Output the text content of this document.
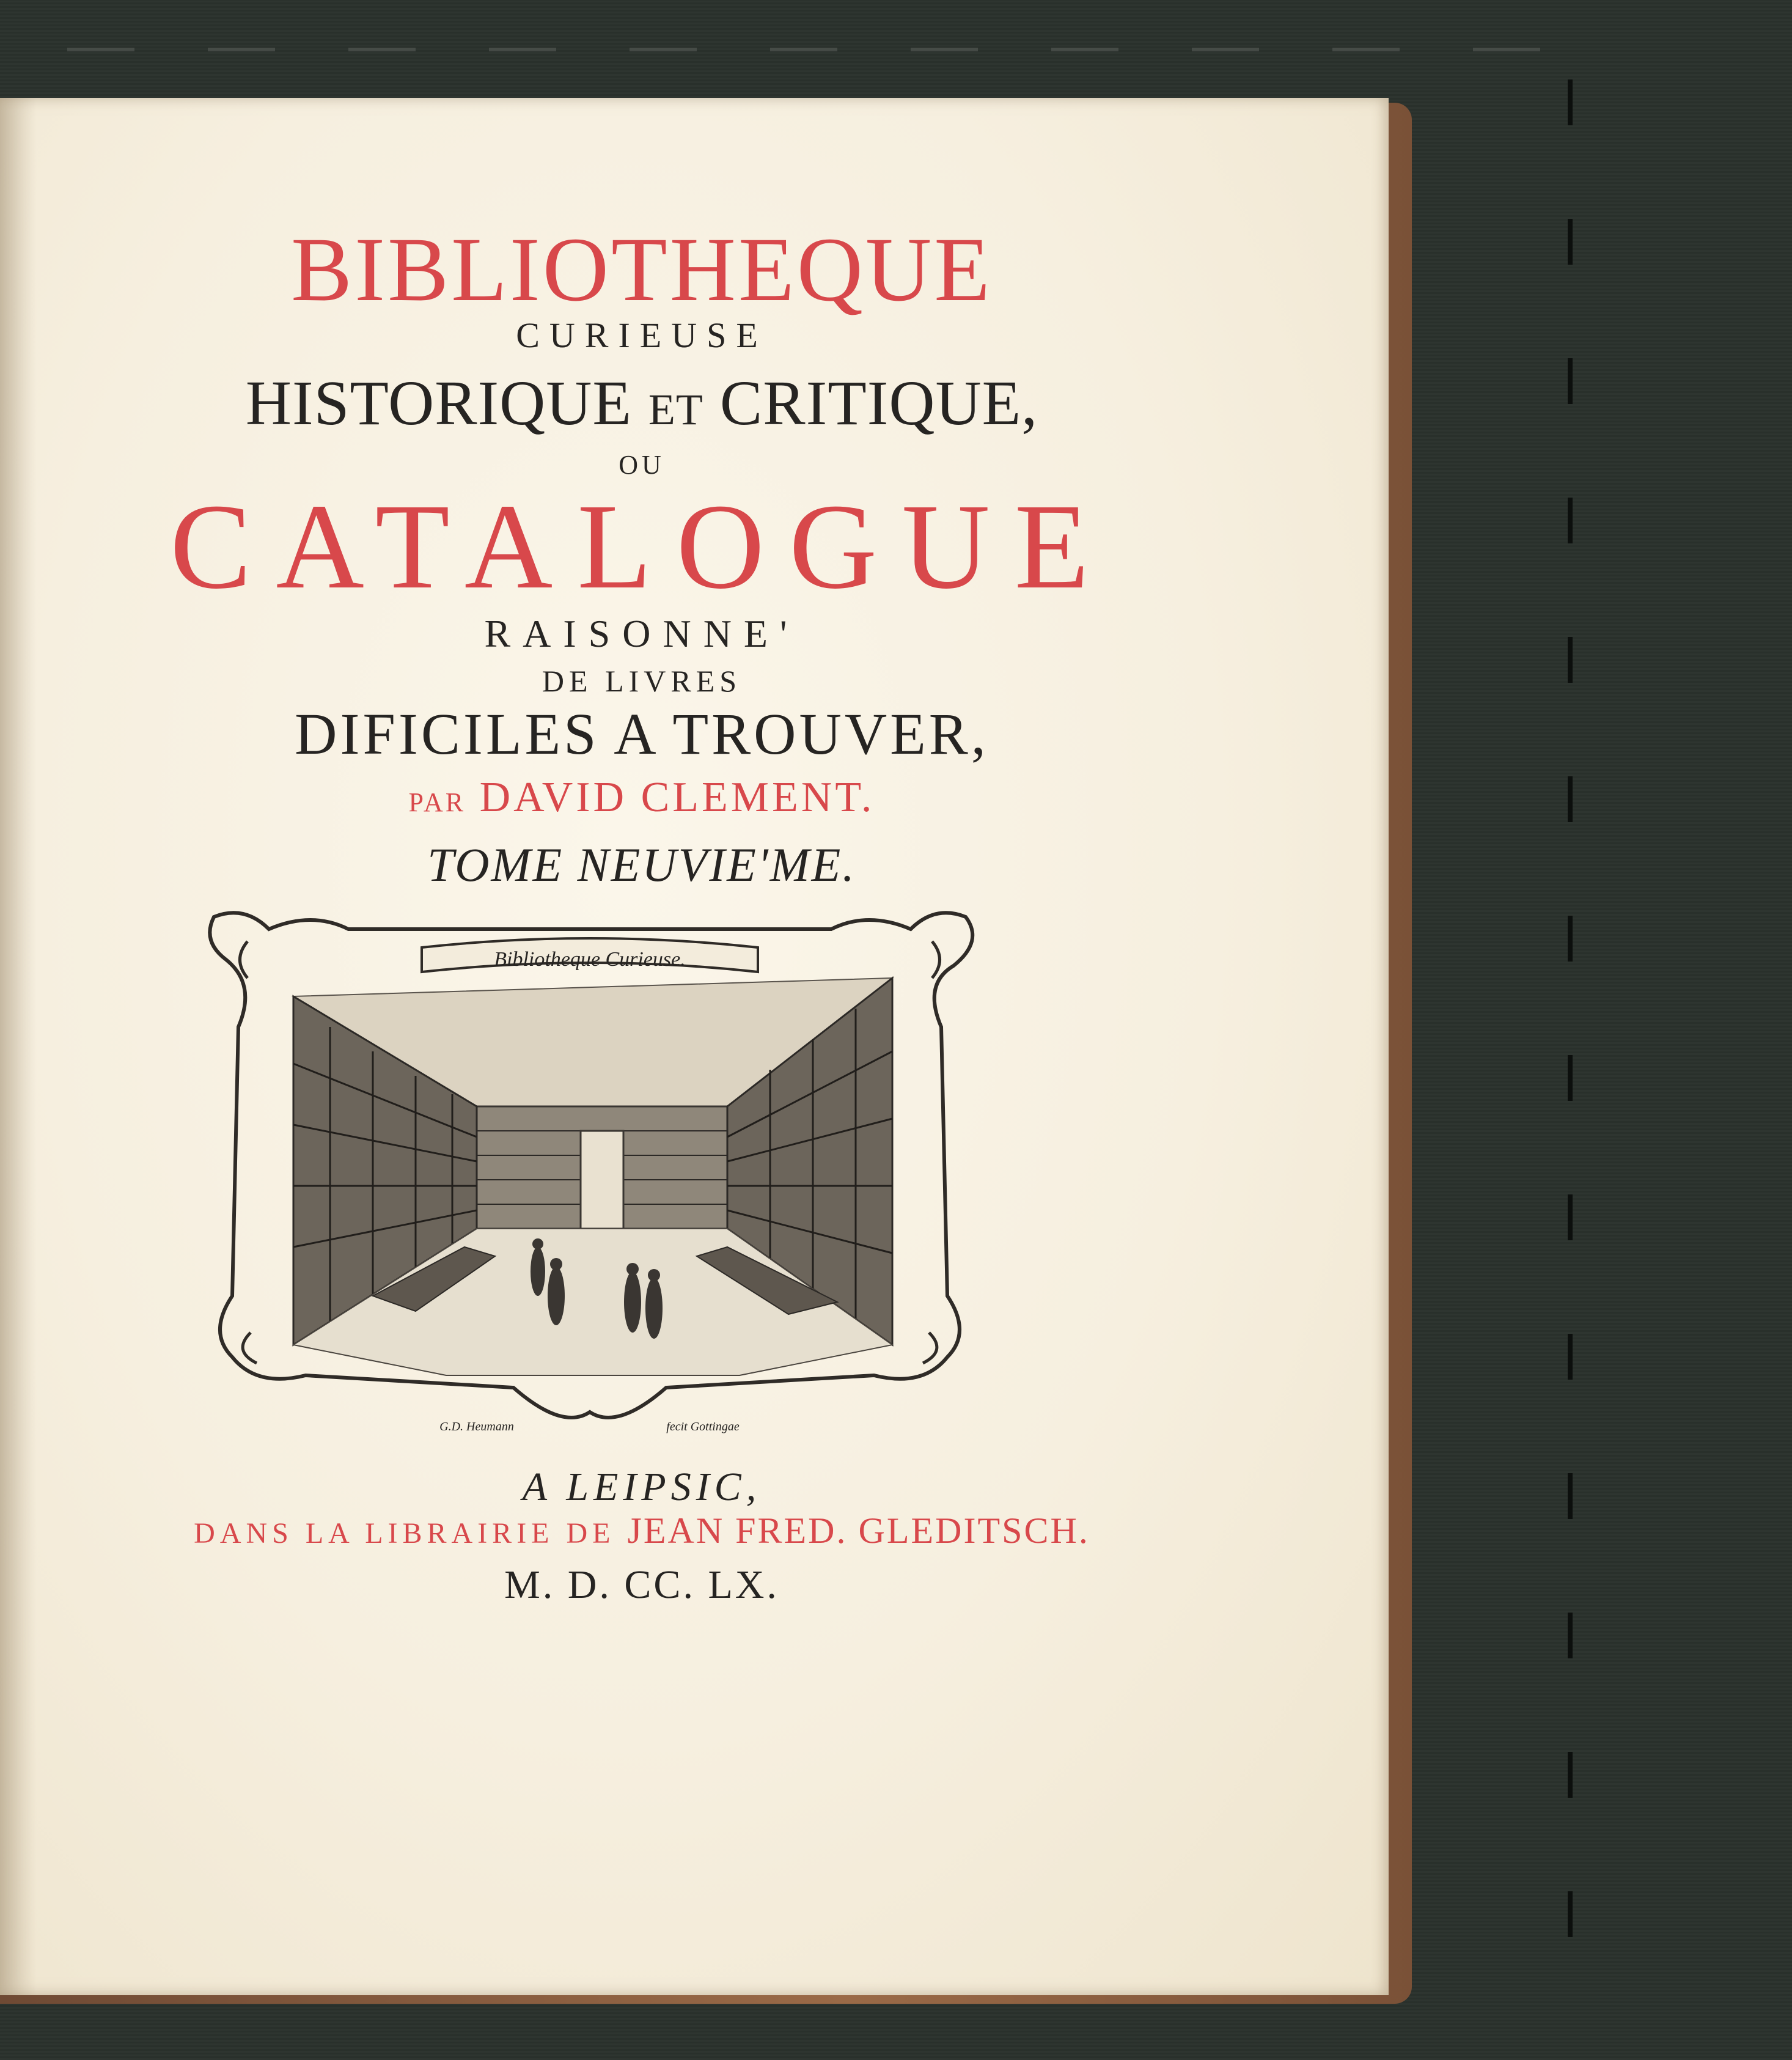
BIBLIOTHEQUE

CURIEUSE

HISTORIQUE ET CRITIQUE,

OU

CATALOGUE

RAISONNE'

DE LIVRES

DIFICILES A TROUVER,

PAR DAVID CLEMENT.

TOME NEUVIE'ME.

Bibliotheque Curieuse.
G.D. Heumann	fecit Gottingae

A LEIPSIC,

DANS LA LIBRAIRIE DE JEAN FRED. GLEDITSCH.

M. D. CC. LX.
